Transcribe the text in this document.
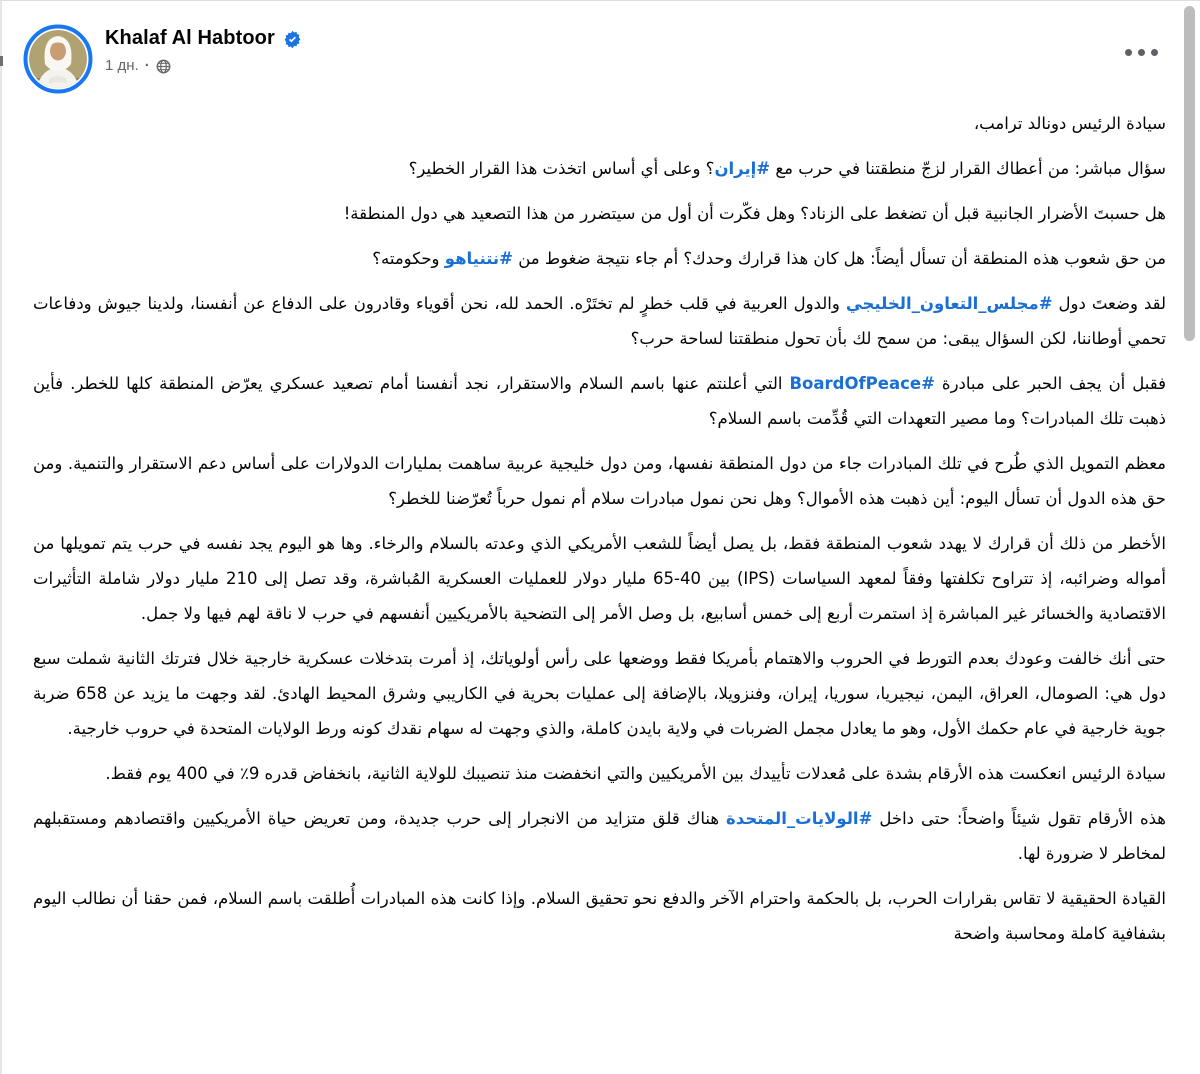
Khalaf Al Habtoor
1 дн. ·

سيادة الرئيس دونالد ترامب،

سؤال مباشر: من أعطاك القرار لزجّ منطقتنا في حرب مع #إيران؟ وعلى أي أساس اتخذت هذا القرار الخطير؟

هل حسبتَ الأضرار الجانبية قبل أن تضغط على الزناد؟ وهل فكّرت أن أول من سيتضرر من هذا التصعيد هي دول المنطقة!

من حق شعوب هذه المنطقة أن تسأل أيضاً: هل كان هذا قرارك وحدك؟ أم جاء نتيجة ضغوط من #نتنياهو وحكومته؟

لقد وضعتَ دول #مجلس_التعاون_الخليجي والدول العربية في قلب خطرٍ لم تختَرْه. الحمد لله، نحن أقوياء وقادرون على الدفاع عن أنفسنا، ولدينا جيوش ودفاعات تحمي أوطاننا، لكن السؤال يبقى: من سمح لك بأن تحول منطقتنا لساحة حرب؟

فقبل أن يجف الحبر على مبادرة #BoardOfPeace التي أعلنتم عنها باسم السلام والاستقرار، نجد أنفسنا أمام تصعيد عسكري يعرّض المنطقة كلها للخطر. فأين ذهبت تلك المبادرات؟ وما مصير التعهدات التي قُدِّمت باسم السلام؟

معظم التمويل الذي طُرح في تلك المبادرات جاء من دول المنطقة نفسها، ومن دول خليجية عربية ساهمت بمليارات الدولارات على أساس دعم الاستقرار والتنمية. ومن حق هذه الدول أن تسأل اليوم: أين ذهبت هذه الأموال؟ وهل نحن نمول مبادرات سلام أم نمول حرباً تُعرّضنا للخطر؟

الأخطر من ذلك أن قرارك لا يهدد شعوب المنطقة فقط، بل يصل أيضاً للشعب الأمريكي الذي وعدته بالسلام والرخاء. وها هو اليوم يجد نفسه في حرب يتم تمويلها من أمواله وضرائبه، إذ تتراوح تكلفتها وفقاً لمعهد السياسات (IPS) بين 40-65 مليار دولار للعمليات العسكرية المُباشرة، وقد تصل إلى 210 مليار دولار شاملة التأثيرات الاقتصادية والخسائر غير المباشرة إذ استمرت أربع إلى خمس أسابيع، بل وصل الأمر إلى التضحية بالأمريكيين أنفسهم في حرب لا ناقة لهم فيها ولا جمل.

حتى أنك خالفت وعودك بعدم التورط في الحروب والاهتمام بأمريكا فقط ووضعها على رأس أولوياتك، إذ أمرت بتدخلات عسكرية خارجية خلال فترتك الثانية شملت سبع دول هي: الصومال، العراق، اليمن، نيجيريا، سوريا، إيران، وفنزويلا، بالإضافة إلى عمليات بحرية في الكاريبي وشرق المحيط الهادئ. لقد وجهت ما يزيد عن 658 ضربة جوية خارجية في عام حكمك الأول، وهو ما يعادل مجمل الضربات في ولاية بايدن كاملة، والذي وجهت له سهام نقدك كونه ورط الولايات المتحدة في حروب خارجية.

سيادة الرئيس انعكست هذه الأرقام بشدة على مُعدلات تأييدك بين الأمريكيين والتي انخفضت منذ تنصيبك للولاية الثانية، بانخفاض قدره 9٪ في 400 يوم فقط.

هذه الأرقام تقول شيئاً واضحاً: حتى داخل #الولايات_المتحدة هناك قلق متزايد من الانجرار إلى حرب جديدة، ومن تعريض حياة الأمريكيين واقتصادهم ومستقبلهم لمخاطر لا ضرورة لها.

القيادة الحقيقية لا تقاس بقرارات الحرب، بل بالحكمة واحترام الآخر والدفع نحو تحقيق السلام. وإذا كانت هذه المبادرات أُطلقت باسم السلام، فمن حقنا أن نطالب اليوم بشفافية كاملة ومحاسبة واضحة
